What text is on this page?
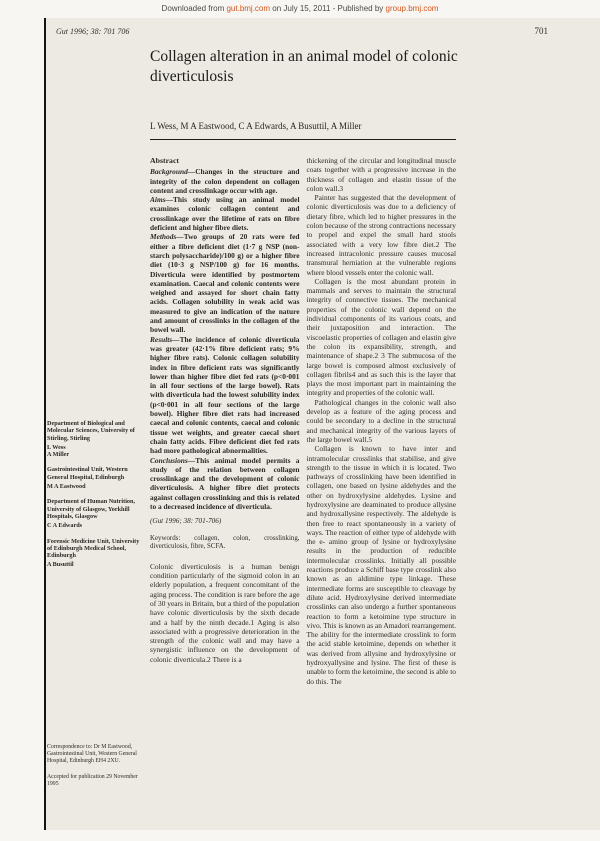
Downloaded from gut.bmj.com on July 15, 2011 - Published by group.bmj.com
Gut 1996; 38: 701 706	701
Collagen alteration in an animal model of colonic diverticulosis
L Wess, M A Eastwood, C A Edwards, A Busuttil, A Miller
Abstract

Background—Changes in the structure and integrity of the colon dependent on collagen content and crosslinkage occur with age.

Aims—This study using an animal model examines colonic collagen content and crosslinkage over the lifetime of rats on fibre deficient and higher fibre diets.

Methods—Two groups of 20 rats were fed either a fibre deficient diet (1·7 g NSP (non-starch polysaccharide)/100 g) or a higher fibre diet (10·3 g NSP/100 g) for 16 months. Diverticula were identified by postmortem examination. Caecal and colonic contents were weighed and assayed for short chain fatty acids. Collagen solubility in weak acid was measured to give an indication of the nature and amount of crosslinks in the collagen of the bowel wall.

Results—The incidence of colonic diverticula was greater (42·1% fibre deficient rats; 9% higher fibre rats). Colonic collagen solubility index in fibre deficient rats was significantly lower than higher fibre diet fed rats (p<0·001 in all four sections of the large bowel). Rats with diverticula had the lowest solubility index (p<0·001 in all four sections of the large bowel). Higher fibre diet rats had increased caecal and colonic contents, caecal and colonic tissue wet weights, and greater caecal short chain fatty acids. Fibre deficient diet fed rats had more pathological abnormalities.

Conclusions—This animal model permits a study of the relation between collagen crosslinkage and the development of colonic diverticulosis. A higher fibre diet protects against collagen crosslinking and this is related to a decreased incidence of diverticula.

(Gut 1996; 38: 701-706)

Keywords: collagen, colon, crosslinking, diverticulosis, fibre, SCFA.

Colonic diverticulosis is a human benign condition particularly of the sigmoid colon in an elderly population, a frequent concomitant of the aging process. The condition is rare before the age of 30 years in Britain, but a third of the population have colonic diverticulosis by the sixth decade and a half by the ninth decade.1 Aging is also associated with a progressive deterioration in the strength of the colonic wall and may have a synergistic influence on the development of colonic diverticula.2 There is a

thickening of the circular and longitudinal muscle coats together with a progressive increase in the thickness of collagen and elastin tissue of the colon wall.3

Painter has suggested that the development of colonic diverticulosis was due to a deficiency of dietary fibre, which led to higher pressures in the colon because of the strong contractions necessary to propel and expel the small hard stools associated with a very low fibre diet.2 The increased intracolonic pressure causes mucosal transmural herniation at the vulnerable regions where blood vessels enter the colonic wall.

Collagen is the most abundant protein in mammals and serves to maintain the structural integrity of connective tissues. The mechanical properties of the colonic wall depend on the individual components of its various coats, and their juxtaposition and interaction. The viscoelastic properties of collagen and elastin give the colon its expansibility, strength, and maintenance of shape.2 3 The submucosa of the large bowel is composed almost exclusively of collagen fibrils4 and as such this is the layer that plays the most important part in maintaining the integrity and properties of the colonic wall.

Pathological changes in the colonic wall also develop as a feature of the aging process and could be secondary to a decline in the structural and mechanical integrity of the various layers of the large bowel wall.5

Collagen is known to have inter and intramolecular crosslinks that stabilise, and give strength to the tissue in which it is located. Two pathways of crosslinking have been identified in collagen, one based on lysine aldehydes and the other on hydroxylysine aldehydes. Lysine and hydroxylysine are deaminated to produce allysine and hydroxallysine respectively. The aldehyde is then free to react spontaneously in a variety of ways. The reaction of either type of aldehyde with the e- amino group of lysine or hydroxylysine results in the production of reducible intermolecular crosslinks. Initially all possible reactions produce a Schiff base type crosslink also known as an aldimine type linkage. These intermediate forms are susceptible to cleavage by dilute acid. Hydroxylysine derived intermediate crosslinks can also undergo a further spontaneous reaction to form a ketoimine type structure in vivo. This is known as an Amadori rearrangement. The ability for the intermediate crosslink to form the acid stable ketoimine, depends on whether it was derived from allysine and hydroxylysine or hydroxyallysine and lysine. The first of these is unable to form the ketoimine, the second is able to do this. The

Department of Biological and Molecular Sciences, University of Stirling, Stirling
L Wess
A Miller
Gastrointestinal Unit, Western General Hospital, Edinburgh
M A Eastwood
Department of Human Nutrition, University of Glasgow, Yorkhill Hospitals, Glasgow
C A Edwards
Forensic Medicine Unit, University of Edinburgh Medical School, Edinburgh
A Busuttil
Correspondence to: Dr M Eastwood, Gastrointestinal Unit, Western General Hospital, Edinburgh EH4 2XU.
Accepted for publication 29 November 1995
